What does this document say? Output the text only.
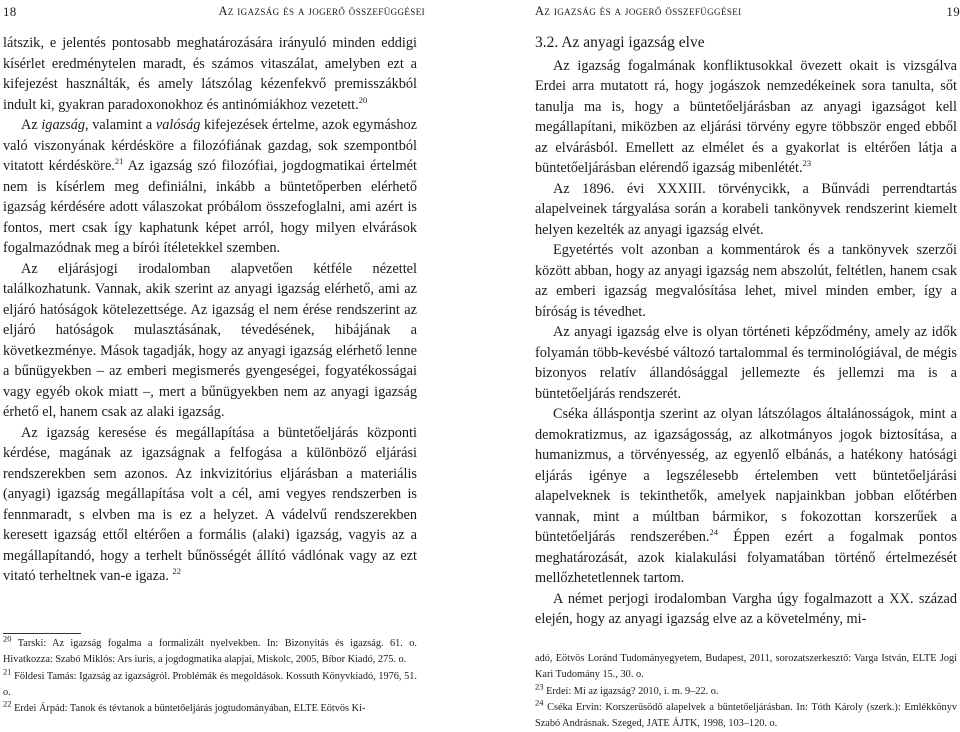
18	Az igazság és a jogerő összefüggései

látszik, e jelentés pontosabb meghatározására irányuló minden eddigi kísérlet eredménytelen maradt, és számos vitaszálat, amelyben ezt a kifejezést használták, és amely látszólag kézenfekvő premisszákból indult ki, gyakran paradoxonokhoz és antinómiákhoz vezetett.$^{20}$

Az igazság, valamint a valóság kifejezések értelme, azok egymáshoz való viszonyának kérdésköre a filozófiának gazdag, sok szempontból vitatott kérdésköre.$^{21}$ Az igazság szó filozófiai, jogdogmatikai értelmét nem is kísérlem meg definiálni, inkább a büntetőperben elérhető igazság kérdésére adott válaszokat próbálom összefoglalni, ami azért is fontos, mert csak így kaphatunk képet arról, hogy milyen elvárások fogalmazódnak meg a bírói ítéletekkel szemben.

Az eljárásjogi irodalomban alapvetően kétféle nézettel találkozhatunk. Vannak, akik szerint az anyagi igazság elérhető, ami az eljáró hatóságok kötelezettsége. Az igazság el nem érése rendszerint az eljáró hatóságok mulasztásának, tévedésének, hibájának a következménye. Mások tagadják, hogy az anyagi igazság elérhető lenne a bűnügyekben – az emberi megismerés gyengeségei, fogyatékosságai vagy egyéb okok miatt –, mert a bűnügyekben nem az anyagi igazság érhető el, hanem csak az alaki igazság.

Az igazság keresése és megállapítása a büntetőeljárás központi kérdése, magának az igazságnak a felfogása a különböző eljárási rendszerekben sem azonos. Az inkvizitórius eljárásban a materiális (anyagi) igazság megállapítása volt a cél, ami vegyes rendszerben is fennmaradt, s elvben ma is ez a helyzet. A vádelvű rendszerekben keresett igazság ettől eltérően a formális (alaki) igazság, vagyis az a megállapítandó, hogy a terhelt bűnösségét állító vádlónak vagy az ezt vitató terheltnek van-e igaza. $^{22}$

$^{20}$ Tarski: Az igazság fogalma a formalizált nyelvekben. In: Bizonyítás és igazság. 61. o. Hivatkozza: Szabó Miklós: Ars iuris, a jogdogmatika alapjai, Miskolc, 2005, Bíbor Kiadó, 275. o.

$^{21}$ Földesi Tamás: Igazság az igazságról. Problémák és megoldások. Kossuth Könyvkiadó, 1976, 51. o.

$^{22}$ Erdei Árpád: Tanok és tévtanok a büntetőeljárás jogtudományában, ELTE Eötvös Ki-

Az igazság és a jogerő összefüggései	19

3.2. Az anyagi igazság elve

Az igazság fogalmának konfliktusokkal övezett okait is vizsgálva Erdei arra mutatott rá, hogy jogászok nemzedékeinek sora tanulta, sőt tanulja ma is, hogy a büntetőeljárásban az anyagi igazságot kell megállapítani, miközben az eljárási törvény egyre többször enged ebből az elvárásból. Emellett az elmélet és a gyakorlat is eltérően látja a büntetőeljárásban elérendő igazság mibenlétét.$^{23}$

Az 1896. évi XXXIII. törvénycikk, a Bűnvádi perrendtartás alapelveinek tárgyalása során a korabeli tankönyvek rendszerint kiemelt helyen kezelték az anyagi igazság elvét.

Egyetértés volt azonban a kommentárok és a tankönyvek szerzői között abban, hogy az anyagi igazság nem abszolút, feltétlen, hanem csak az emberi igazság megvalósítása lehet, mivel minden ember, így a bíróság is tévedhet.

Az anyagi igazság elve is olyan történeti képződmény, amely az idők folyamán több-kevésbé változó tartalommal és terminológiával, de mégis bizonyos relatív állandósággal jellemezte és jellemzi ma is a büntetőeljárás rendszerét.

Cséka álláspontja szerint az olyan látszólagos általánosságok, mint a demokratizmus, az igazságosság, az alkotmányos jogok biztosítása, a humanizmus, a törvényesség, az egyenlő elbánás, a hatékony hatósági eljárás igénye a legszélesebb értelemben vett büntetőeljárási alapelveknek is tekinthetők, amelyek napjainkban jobban előtérben vannak, mint a múltban bármikor, s fokozottan korszerűek a büntetőeljárás rendszerében.$^{24}$ Éppen ezért a fogalmak pontos meghatározását, azok kialakulási folyamatában történő értelmezését mellőzhetetlennek tartom.

A német perjogi irodalomban Vargha úgy fogalmazott a XX. század elején, hogy az anyagi igazság elve az a követelmény, mi-

adó, Eötvös Loránd Tudományegyetem, Budapest, 2011, sorozatszerkesztő: Varga István, ELTE Jogi Kari Tudomány 15., 30. o.

$^{23}$ Erdei: Mi az igazság? 2010, i. m. 9–22. o.

$^{24}$ Cséka Ervin: Korszerűsödő alapelvek a büntetőeljárásban. In: Tóth Károly (szerk.): Emlékkönyv Szabó Andrásnak. Szeged, JATE ÁJTK, 1998, 103–120. o.
